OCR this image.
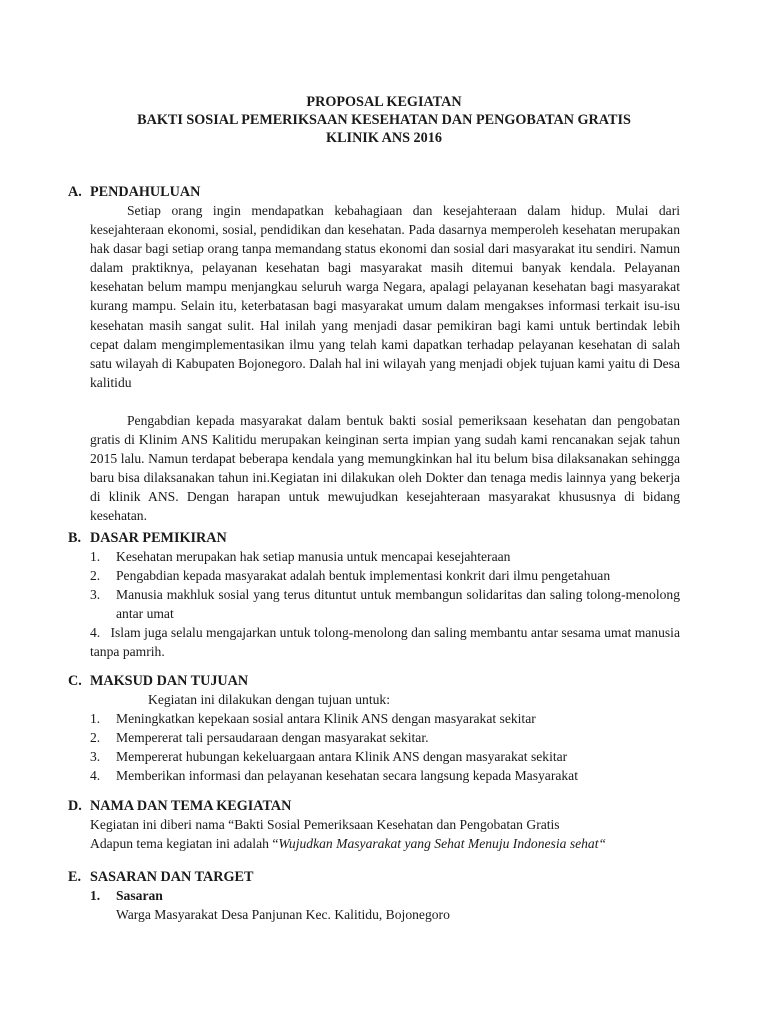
PROPOSAL KEGIATAN
BAKTI SOSIAL PEMERIKSAAN KESEHATAN DAN PENGOBATAN GRATIS
KLINIK ANS 2016
A. PENDAHULUAN
Setiap orang ingin mendapatkan kebahagiaan dan kesejahteraan dalam hidup. Mulai dari kesejahteraan ekonomi, sosial, pendidikan dan kesehatan. Pada dasarnya memperoleh kesehatan merupakan hak dasar bagi setiap orang tanpa memandang status ekonomi dan sosial dari masyarakat itu sendiri. Namun dalam praktiknya, pelayanan kesehatan bagi masyarakat masih ditemui banyak kendala. Pelayanan kesehatan belum mampu menjangkau seluruh warga Negara, apalagi pelayanan kesehatan bagi masyarakat kurang mampu. Selain itu, keterbatasan bagi masyarakat umum dalam mengakses informasi terkait isu-isu kesehatan masih sangat sulit. Hal inilah yang menjadi dasar pemikiran bagi kami untuk bertindak lebih cepat dalam mengimplementasikan ilmu yang telah kami dapatkan terhadap pelayanan kesehatan di salah satu wilayah di Kabupaten Bojonegoro. Dalah hal ini wilayah yang menjadi objek tujuan kami yaitu di Desa kalitidu
Pengabdian kepada masyarakat dalam bentuk bakti sosial pemeriksaan kesehatan dan pengobatan gratis di Klinim ANS Kalitidu merupakan keinginan serta impian yang sudah kami rencanakan sejak tahun 2015 lalu. Namun terdapat beberapa kendala yang memungkinkan hal itu belum bisa dilaksanakan sehingga baru bisa dilaksanakan tahun ini.Kegiatan ini dilakukan oleh Dokter dan tenaga medis lainnya yang bekerja di klinik ANS. Dengan harapan untuk mewujudkan kesejahteraan masyarakat khususnya di bidang kesehatan.
B. DASAR PEMIKIRAN
1.	Kesehatan merupakan hak setiap manusia untuk mencapai kesejahteraan
2.	Pengabdian kepada masyarakat adalah bentuk implementasi konkrit dari ilmu pengetahuan
3.	Manusia makhluk sosial yang terus dituntut untuk membangun solidaritas dan saling tolong-menolong antar umat
4. Islam juga selalu mengajarkan untuk tolong-menolong dan saling membantu antar sesama umat manusia tanpa pamrih.
C. MAKSUD DAN TUJUAN
Kegiatan ini dilakukan dengan tujuan untuk:
1.	Meningkatkan kepekaan sosial antara Klinik ANS dengan masyarakat sekitar
2.	Mempererat tali persaudaraan dengan masyarakat sekitar.
3.	Mempererat hubungan kekeluargaan antara Klinik ANS dengan masyarakat sekitar
4.	Memberikan informasi dan pelayanan kesehatan secara langsung kepada Masyarakat
D. NAMA DAN TEMA KEGIATAN
Kegiatan ini diberi nama “Bakti Sosial Pemeriksaan Kesehatan dan Pengobatan Gratis
Adapun tema kegiatan ini adalah “Wujudkan Masyarakat yang Sehat Menuju Indonesia sehat“
E. SASARAN DAN TARGET
1. Sasaran
Warga Masyarakat Desa Panjunan Kec. Kalitidu, Bojonegoro
